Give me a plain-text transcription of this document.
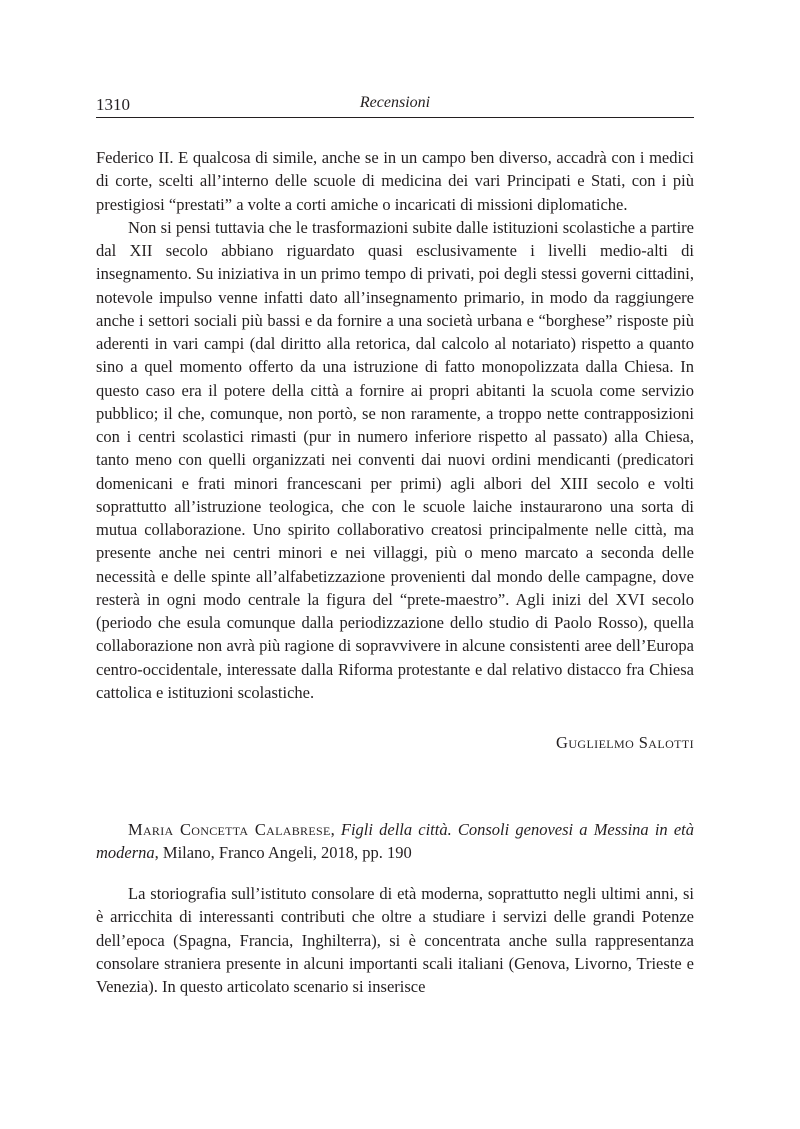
1310	Recensioni

Federico II. E qualcosa di simile, anche se in un campo ben diverso, accadrà con i medici di corte, scelti all’interno delle scuole di medicina dei vari Principati e Stati, con i più prestigiosi “prestati” a volte a corti amiche o incaricati di missioni diplomatiche.

Non si pensi tuttavia che le trasformazioni subite dalle istituzioni scolastiche a partire dal XII secolo abbiano riguardato quasi esclusivamente i livelli medio-alti di insegnamento. Su iniziativa in un primo tempo di privati, poi degli stessi governi cittadini, notevole impulso venne infatti dato all’insegnamento primario, in modo da raggiungere anche i settori sociali più bassi e da fornire a una società urbana e “borghese” risposte più aderenti in vari campi (dal diritto alla retorica, dal calcolo al notariato) rispetto a quanto sino a quel momento offerto da una istruzione di fatto monopolizzata dalla Chiesa. In questo caso era il potere della città a fornire ai propri abitanti la scuola come servizio pubblico; il che, comunque, non portò, se non raramente, a troppo nette contrapposizioni con i centri scolastici rimasti (pur in numero inferiore rispetto al passato) alla Chiesa, tanto meno con quelli organizzati nei conventi dai nuovi ordini mendicanti (predicatori domenicani e frati minori francescani per primi) agli albori del XIII secolo e volti soprattutto all’istruzione teologica, che con le scuole laiche instaurarono una sorta di mutua collaborazione. Uno spirito collaborativo creatosi principalmente nelle città, ma presente anche nei centri minori e nei villaggi, più o meno marcato a seconda delle necessità e delle spinte all’alfabetizzazione provenienti dal mondo delle campagne, dove resterà in ogni modo centrale la figura del “prete-maestro”. Agli inizi del XVI secolo (periodo che esula comunque dalla periodizzazione dello studio di Paolo Rosso), quella collaborazione non avrà più ragione di sopravvivere in alcune consistenti aree dell’Europa centro-occidentale, interessate dalla Riforma protestante e dal relativo distacco fra Chiesa cattolica e istituzioni scolastiche.

Guglielmo Salotti
Maria Concetta Calabrese, Figli della città. Consoli genovesi a Messina in età moderna, Milano, Franco Angeli, 2018, pp. 190

La storiografia sull’istituto consolare di età moderna, soprattutto negli ultimi anni, si è arricchita di interessanti contributi che oltre a studiare i servizi delle grandi Potenze dell’epoca (Spagna, Francia, Inghilterra), si è concentrata anche sulla rappresentanza consolare straniera presente in alcuni importanti scali italiani (Genova, Livorno, Trieste e Venezia). In questo articolato scenario si inserisce
